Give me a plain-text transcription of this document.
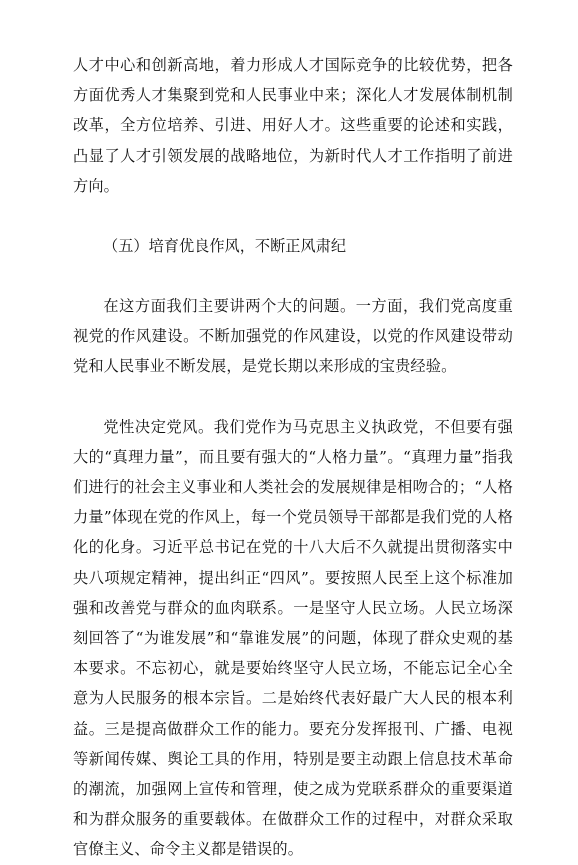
人才中心和创新高地，着力形成人才国际竞争的比较优势，把各方面优秀人才集聚到党和人民事业中来；深化人才发展体制机制改革，全方位培养、引进、用好人才。这些重要的论述和实践，凸显了人才引领发展的战略地位，为新时代人才工作指明了前进方向。

（五）培育优良作风，不断正风肃纪

在这方面我们主要讲两个大的问题。一方面，我们党高度重视党的作风建设。不断加强党的作风建设，以党的作风建设带动党和人民事业不断发展，是党长期以来形成的宝贵经验。

党性决定党风。我们党作为马克思主义执政党，不但要有强大的“真理力量”，而且要有强大的“人格力量”。“真理力量”指我们进行的社会主义事业和人类社会的发展规律是相吻合的；“人格力量”体现在党的作风上，每一个党员领导干部都是我们党的人格化的化身。习近平总书记在党的十八大后不久就提出贯彻落实中央八项规定精神，提出纠正“四风”。要按照人民至上这个标准加强和改善党与群众的血肉联系。一是坚守人民立场。人民立场深刻回答了“为谁发展”和“靠谁发展”的问题，体现了群众史观的基本要求。不忘初心，就是要始终坚守人民立场，不能忘记全心全意为人民服务的根本宗旨。二是始终代表好最广大人民的根本利益。三是提高做群众工作的能力。要充分发挥报刊、广播、电视等新闻传媒、舆论工具的作用，特别是要主动跟上信息技术革命的潮流，加强网上宣传和管理，使之成为党联系群众的重要渠道和为群众服务的重要载体。在做群众工作的过程中，对群众采取官僚主义、命令主义都是错误的。
